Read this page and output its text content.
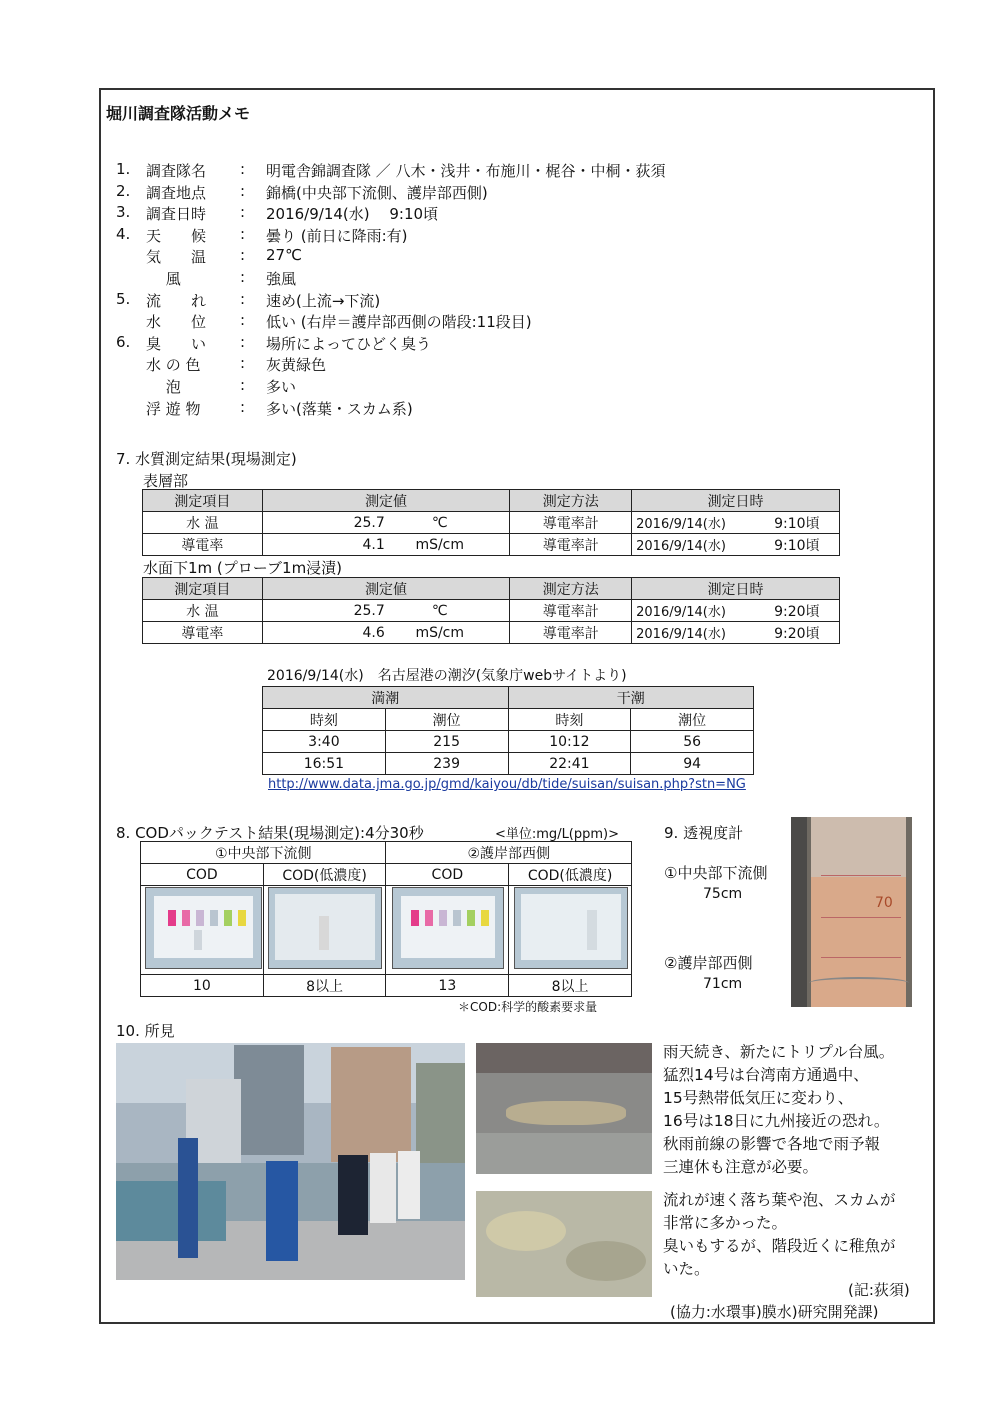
堀川調査隊活動メモ
1.	調査隊名 : 明電舎錦調査隊 ／ 八木・浅井・布施川・梶谷・中桐・荻須
2.	調査地点 : 錦橋(中央部下流側、護岸部西側)
3.	調査日時 : 2016/9/14(水)　 9:10頃
4.	天　　候 : 曇り (前日に降雨:有)
気　　温 : 27℃
　 風	: 強風
5.	流　　れ : 速め(上流→下流)
水　　位 : 低い (右岸＝護岸部西側の階段:11段目)
6.	臭　　い : 場所によってひどく臭う
水 の 色	: 灰黄緑色
　 泡	: 多い
浮 遊 物	: 多い(落葉・スカム系)
7. 水質測定結果(現場測定)
表層部
測定項目	測定値	測定方法	測定日時
水 温	25.7 ℃	導電率計	2016/9/14(水) 9:10頃
導電率	4.1 mS/cm	導電率計	2016/9/14(水) 9:10頃
水面下1m (プローブ1m浸漬)
測定項目	測定値	測定方法	測定日時
水 温	25.7 ℃	導電率計	2016/9/14(水) 9:20頃
導電率	4.6 mS/cm	導電率計	2016/9/14(水) 9:20頃
2016/9/14(水)　名古屋港の潮汐(気象庁webサイトより)
満潮		干潮	
時刻	潮位	時刻	潮位
3:40	215	10:12	56
16:51	239	22:41	94
http://www.data.jma.go.jp/gmd/kaiyou/db/tide/suisan/suisan.php?stn=NG
8. CODパックテスト結果(現場測定):4分30秒	<単位:mg/L(ppm)>
①中央部下流側		②護岸部西側	
COD	COD(低濃度)	COD	COD(低濃度)

10	8以上	13	8以上
＊COD:科学的酸素要求量
9. 透視度計
①中央部下流側
75cm
②護岸部西側
71cm
70
10. 所見
雨天続き、新たにトリプル台風。
猛烈14号は台湾南方通過中、
15号熱帯低気圧に変わり、
16号は18日に九州接近の恐れ。
秋雨前線の影響で各地で雨予報
三連休も注意が必要。
流れが速く落ち葉や泡、スカムが
非常に多かった。
臭いもするが、階段近くに稚魚が
いた。
(記:荻須)
(協力:水環事)膜水)研究開発課)
